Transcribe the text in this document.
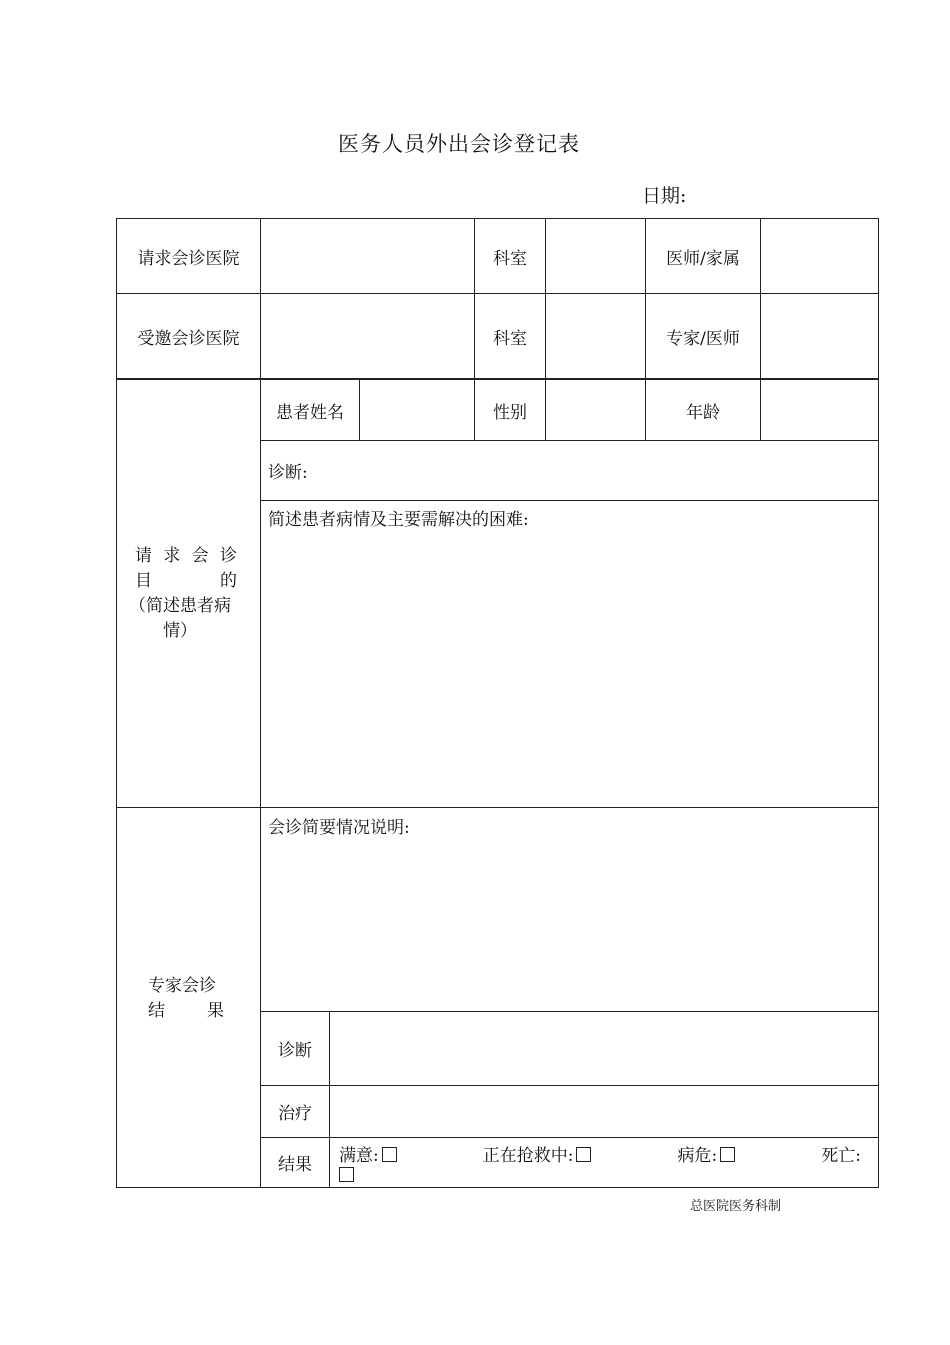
医务人员外出会诊登记表
日期:
请求会诊医院	科室	医师/家属
受邀会诊医院	科室	专家/医师
患者姓名	性别	年龄
诊断:
简述患者病情及主要需解决的困难:
请 求 会 诊
目	的
（简述患者病
情）
专家会诊
结 果
会诊简要情况说明:
诊断
治疗
结果	满意:	正在抢救中:	病危:	死亡:
总医院医务科制
